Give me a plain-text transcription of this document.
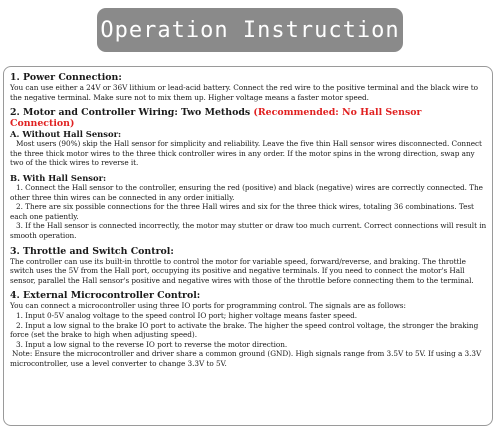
Operation Instruction
1. Power Connection:

You can use either a 24V or 36V lithium or lead-acid battery. Connect the red wire to the positive terminal and the black wire to the negative terminal. Make sure not to mix them up. Higher voltage means a faster motor speed.

2. Motor and Controller Wiring: Two Methods (Recommended: No Hall Sensor Connection)
A. Without Hall Sensor:

Most users (90%) skip the Hall sensor for simplicity and reliability. Leave the five thin Hall sensor wires disconnected. Connect the three thick motor wires to the three thick controller wires in any order. If the motor spins in the wrong direction, swap any two of the thick wires to reverse it.

B. With Hall Sensor:

1. Connect the Hall sensor to the controller, ensuring the red (positive) and black (negative) wires are correctly connected. The other three thin wires can be connected in any order initially.

2. There are six possible connections for the three Hall wires and six for the three thick wires, totaling 36 combinations. Test each one patiently.

3. If the Hall sensor is connected incorrectly, the motor may stutter or draw too much current. Correct connections will result in smooth operation.

3. Throttle and Switch Control:

The controller can use its built-in throttle to control the motor for variable speed, forward/reverse, and braking. The throttle switch uses the 5V from the Hall port, occupying its positive and negative terminals. If you need to connect the motor's Hall sensor, parallel the Hall sensor's positive and negative wires with those of the throttle before connecting them to the terminal.

4. External Microcontroller Control:

You can connect a microcontroller using three IO ports for programming control. The signals are as follows:

1. Input 0-5V analog voltage to the speed control IO port; higher voltage means faster speed.

2. Input a low signal to the brake IO port to activate the brake. The higher the speed control voltage, the stronger the braking force (set the brake to high when adjusting speed).

3. Input a low signal to the reverse IO port to reverse the motor direction.

Note: Ensure the microcontroller and driver share a common ground (GND). High signals range from 3.5V to 5V. If using a 3.3V microcontroller, use a level converter to change 3.3V to 5V.
